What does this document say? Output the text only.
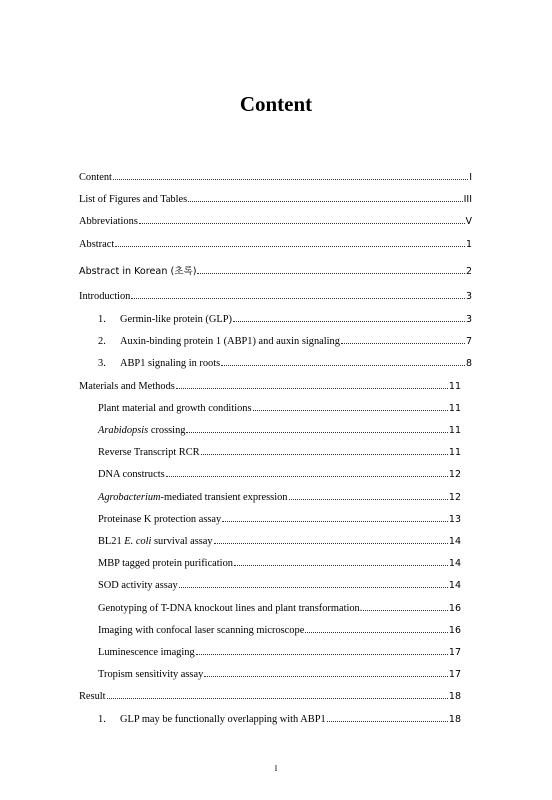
Content
Content	I
List of Figures and Tables	III
Abbreviations	V
Abstract	1
Abstract in Korean (초록)	2
Introduction	3
1.	Germin-like protein (GLP)	3
2.	Auxin-binding protein 1 (ABP1) and auxin signaling	7
3.	ABP1 signaling in roots	8
Materials and Methods	11
Plant material and growth conditions	11
Arabidopsis crossing	11
Reverse Transcript RCR	11
DNA constructs	12
Agrobacterium-mediated transient expression	12
Proteinase K protection assay	13
BL21 E. coli survival assay	14
MBP tagged protein purification	14
SOD activity assay	14
Genotyping of T-DNA knockout lines and plant transformation.	16
Imaging with confocal laser scanning microscope	16
Luminescence imaging	17
Tropism sensitivity assay	17
Result	18
1.	GLP may be functionally overlapping with ABP1	18
I
